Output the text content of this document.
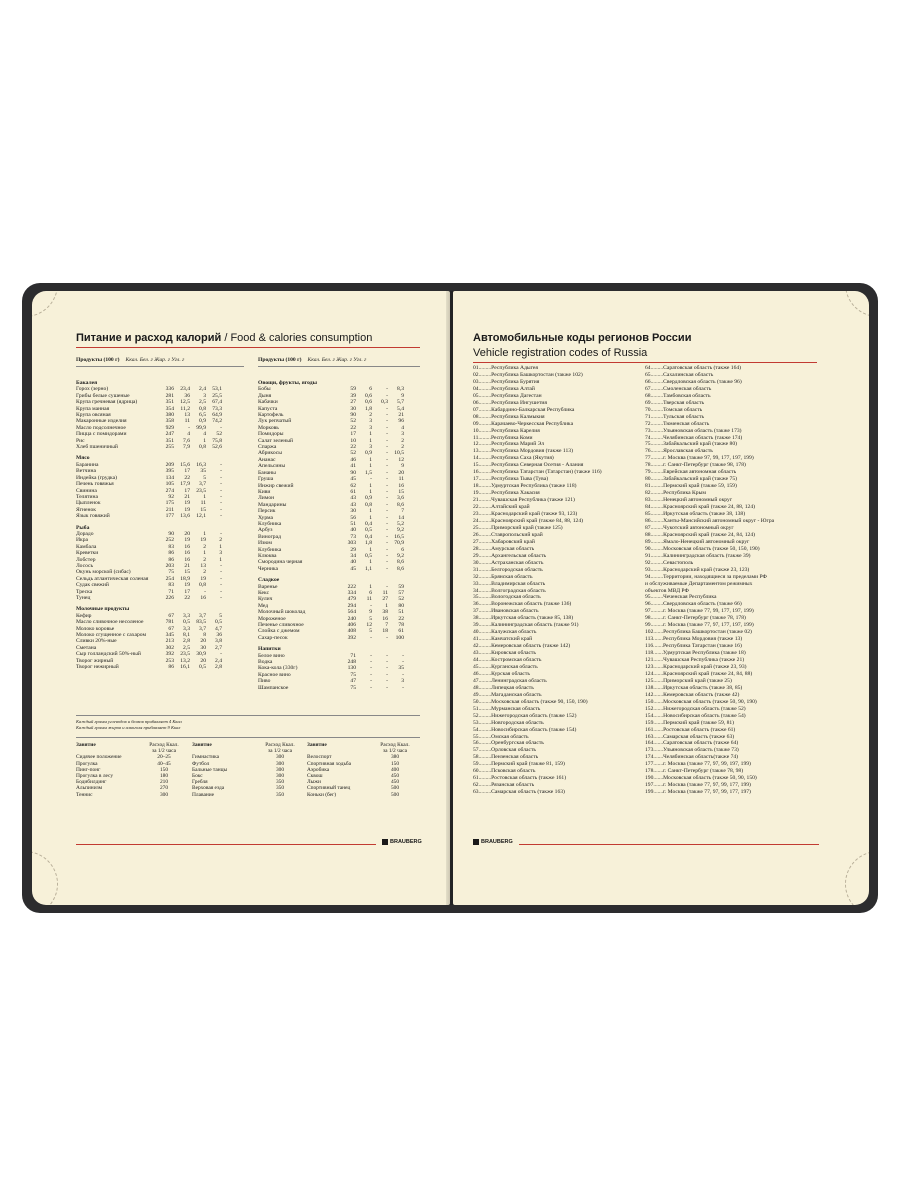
Питание и расход калорий / Food & calories consumption
Продукты (100 г) Ккал. Бел. г Жир. г Угл. г	Продукты (100 г) Ккал. Бел. г Жир. г Угл. г

Бакалея				
Горох (зерно)	336	23,4	2,4	53,1
Грибы белые сушеные	281	36	3	25,5
Крупа гречневая (ядрица)	351	12,5	2,5	67,4
Крупа манная	354	11,2	0,8	73,3
Крупа овсяная	380	13	6,5	64,9
Макаронные изделия	358	11	0,9	74,2
Масло подсолнечное	929	-	99,9	-
Пицца с помидорами	247	4	4	52
Рис	351	7,6	1	75,8
Хлеб пшеничный	255	7,9	0,8	52,6

Мясо				
Баранина	209	15,6	16,3	-
Ветчина	395	17	35	-
Индейка (грудка)	134	22	5	-
Печень говяжья	105	17,9	3,7	-
Свинина	274	17	23,5	-
Телятина	92	21	1	-
Цыпленок	175	19	11	-
Ягненок	211	19	15	-
Язык говяжий	177	13,6	12,1	-

Рыба				
Дорадо	90	20	1	-
Икра	252	19	19	2
Камбала	83	16	2	1
Креветки	86	16	1	3
Лобстер	86	16	2	1
Лосось	203	21	13	-
Окунь морской (сибас)	75	15	2	-
Сельдь атлантическая соленая	254	18,9	19	-
Судак свежий	83	19	0,8	-
Треска	71	17	-	-
Тунец	226	22	16	-

Молочные продукты				
Кефир	67	3,3	3,7	5
Масло сливочное несоленое	781	0,5	83,5	0,5
Молоко коровье	67	3,3	3,7	4,7
Молоко сгущенное с сахаром	345	8,1	8	36
Сливки 20%-ные	213	2,8	20	3,8
Сметана	302	2,5	30	2,7
Сыр голландский 50%-ный	392	23,5	30,9	-
Творог жирный	253	13,2	20	2,4
Творог нежирный	86	16,1	0,5	2,8

Овощи, фрукты, ягоды				
Бобы	59	6	-	8,3
Дыня	39	0,6	-	9
Кабачки	27	0,6	0,3	5,7
Капуста	30	1,8	-	5,4
Картофель	90	2	-	21
Лук репчатый	52	3	-	96
Морковь	22	3	-	4
Помидоры	17	1	-	3
Салат зеленый	10	1	-	2
Спаржа	22	3	-	2
Абрикосы	52	0,9	-	10,5
Ананас	46	1	-	12
Апельсины	41	1	-	9
Бананы	90	1,5	-	20
Груша	45	-	-	11
Инжир свежий	62	1	-	16
Киви	61	1	-	15
Лимон	43	0,9	-	3,6
Мандарины	43	0,8	-	8,6
Персик	30	1	-	7
Хурма	56	1	-	14
Клубника	51	0,4	-	5,2
Арбуз	40	0,5	-	9,2
Виноград	73	0,4	-	16,5
Изюм	303	1,8	-	70,9
Клубника	29	1	-	6
Клюква	34	0,5	-	9,2
Смородина черная	40	1	-	8,6
Черника	45	1,1	-	8,6

Сладкое				
Варенье	222	1	-	59
Кекс	334	6	11	57
Кулич	479	11	27	52
Мед	294	-	1	80
Молочный шоколад	564	9	38	51
Мороженое	240	5	16	22
Печенье сливочное	406	12	7	78
Слойка с джемом	408	5	18	61
Сахар-песок	392	-	-	100

Напитки				
Белое вино	71	-	-	-
Водка	248	-	-	-
Кока-кола (330г)	130	-	-	35
Красное вино	75	-	-	-
Пиво	47	-	-	3
Шампанское	75	-	-	-
Каждый грамм углеводов и белков прибавляет 4 Ккал
Каждый грамм жиров и алкоголя прибавляет 9 Ккал
Занятие	Расход Ккал. за 1/2 часа
Сидячее положение	20–25
Прогулка	40–45
Пинг-понг	150
Прогулка в лесу	180
Бодибилдинг	210
Альпинизм	270
Теннис	300
Занятие	Расход Ккал. за 1/2 часа
Гимнастика	300
Футбол	300
Бальные танцы	300
Бокс	300
Гребля	350
Верховая езда	350
Плавание	350
Занятие	Расход Ккал. за 1/2 часа
Велоспорт	380
Спортивная ходьба	150
Аэробика	400
Сквош	450
Лыжи	450
Спортивный танец	500
Коньки (бег)	500
BRAUBERG
Автомобильные коды регионов России
Vehicle registration codes of Russia
01.........Республика Адыгея
02.........Республика Башкортостан (также 102)
03.........Республика Бурятия
04.........Республика Алтай
05.........Республика Дагестан
06.........Республика Ингушетия
07.........Кабардино-Балкарская Республика
08.........Республика Калмыкия
09.........Карачаево-Черкесская Республика
10.........Республика Карелия
11.........Республика Коми
12.........Республика Марий Эл
13.........Республика Мордовия (также 113)
14.........Республика Саха (Якутия)
15.........Республика Северная Осетия - Алания
16.........Республика Татарстан (Татарстан) (также 116)
17.........Республика Тыва (Тува)
18.........Удмуртская Республика (также 118)
19.........Республика Хакасия
21.........Чувашская Республика (также 121)
22.........Алтайский край
23.........Краснодарский край (также 93, 123)
24.........Красноярский край (также 84, 88, 124)
25.........Приморский край (также 125)
26.........Ставропольский край
27.........Хабаровский край
28.........Амурская область
29.........Архангельская область
30.........Астраханская область
31.........Белгородская область
32.........Брянская область
33.........Владимирская область
34.........Волгоградская область
35.........Вологодская область
36.........Воронежская область (также 136)
37.........Ивановская область
38.........Иркутская область (также 85, 138)
39.........Калининградская область (также 91)
40.........Калужская область
41.........Камчатский край
42.........Кемеровская область (также 142)
43.........Кировская область
44.........Костромская область
45.........Курганская область
46.........Курская область
47.........Ленинградская область
48.........Липецкая область
49.........Магаданская область
50.........Московская область (также 90, 150, 190)
51.........Мурманская область
52.........Нижегородская область (также 152)
53.........Новгородская область
54.........Новосибирская область (также 154)
55.........Омская область
56.........Оренбургская область
57.........Орловская область
58.........Пензенская область
59.........Пермский край (также 81, 159)
60.........Псковская область
61.........Ростовская область (также 161)
62.........Рязанская область
63.........Самарская область (также 163)
64.........Саратовская область (также 164)
65.........Сахалинская область
66.........Свердловская область (также 96)
67.........Смоленская область
68.........Тамбовская область
69.........Тверская область
70.........Томская область
71.........Тульская область
72.........Тюменская область
73.........Ульяновская область (также 173)
74.........Челябинская область (также 174)
75.........Забайкальский край (также 80)
76.........Ярославская область
77.........г. Москва (также 97, 99, 177, 197, 199)
78.........г. Санкт-Петербург (также 98, 178)
79.........Еврейская автономная область
80.........Забайкальский край (также 75)
81.........Пермский край (также 59, 159)
82.........Республика Крым
83.........Ненецкий автономный округ
84.........Красноярский край (также 24, 88, 124)
85.........Иркутская область (также 38, 138)
86.........Ханты-Мансийский автономный округ - Югра
87.........Чукотский автономный округ
88.........Красноярский край (также 24, 84, 124)
89.........Ямало-Ненецкий автономный округ
90.........Московская область (также 50, 150, 190)
91.........Калининградская область (также 39)
92.........Севастополь
93.........Краснодарский край (также 23, 123)
94.........Территории, находящиеся за пределами РФ
и обслуживаемые Департаментом режимных
объектов МВД РФ
95.........Чеченская Республика
96.........Свердловская область (также 66)
97.........г. Москва (также 77, 99, 177, 197, 199)
98.........г. Санкт-Петербург (также 78, 178)
99.........г. Москва (также 77, 97, 177, 197, 199)
102.......Республика Башкортостан (также 02)
113.......Республика Мордовия (также 13)
116.......Республика Татарстан (также 16)
118.......Удмуртская Республика (также 18)
121.......Чувашская Республика (также 21)
123.......Краснодарский край (также 23, 93)
124.......Красноярский край (также 24, 84, 88)
125.......Приморский край (также 25)
138.......Иркутская область (также 38, 85)
142.......Кемеровская область (также 42)
150.......Московская область (также 50, 90, 190)
152.......Нижегородская область (также 52)
154.......Новосибирская область (также 54)
159.......Пермский край (также 59, 81)
161.......Ростовская область (также 61)
163.......Самарская область (также 63)
164.......Саратовская область (также 64)
173.......Ульяновская область (также 73)
174.......Челябинская область(также 74)
177.......г. Москва (также 77, 97, 99, 197, 199)
178.......г. Санкт-Петербург (также 78, 98)
190.......Московская область (также 50, 90, 150)
197.......г. Москва (также 77, 97, 99, 177, 199)
199.......г. Москва (также 77, 97, 99, 177, 197)
BRAUBERG
